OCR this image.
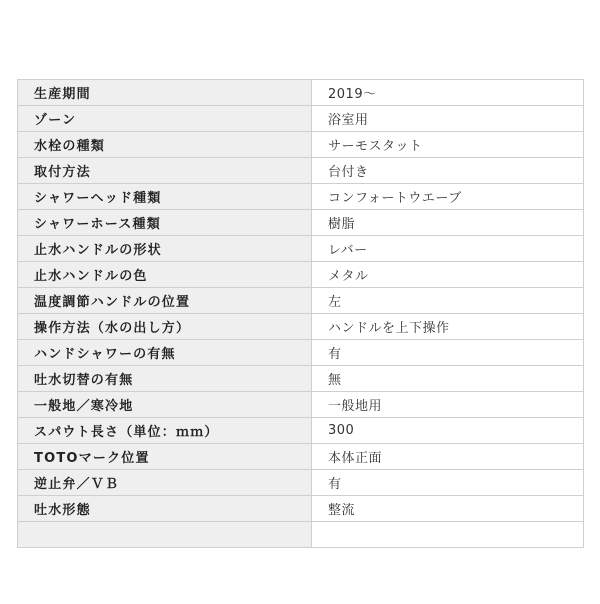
生産期間	2019～
ゾーン	浴室用
水栓の種類	サーモスタット
取付方法	台付き
シャワーヘッド種類	コンフォートウエーブ
シャワーホース種類	樹脂
止水ハンドルの形状	レバー
止水ハンドルの色	メタル
温度調節ハンドルの位置	左
操作方法（水の出し方）	ハンドルを上下操作
ハンドシャワーの有無	有
吐水切替の有無	無
一般地／寒冷地	一般地用
スパウト長さ（単位：ｍｍ）	300
TOTOマーク位置	本体正面
逆止弁／ＶＢ	有
吐水形態	整流
